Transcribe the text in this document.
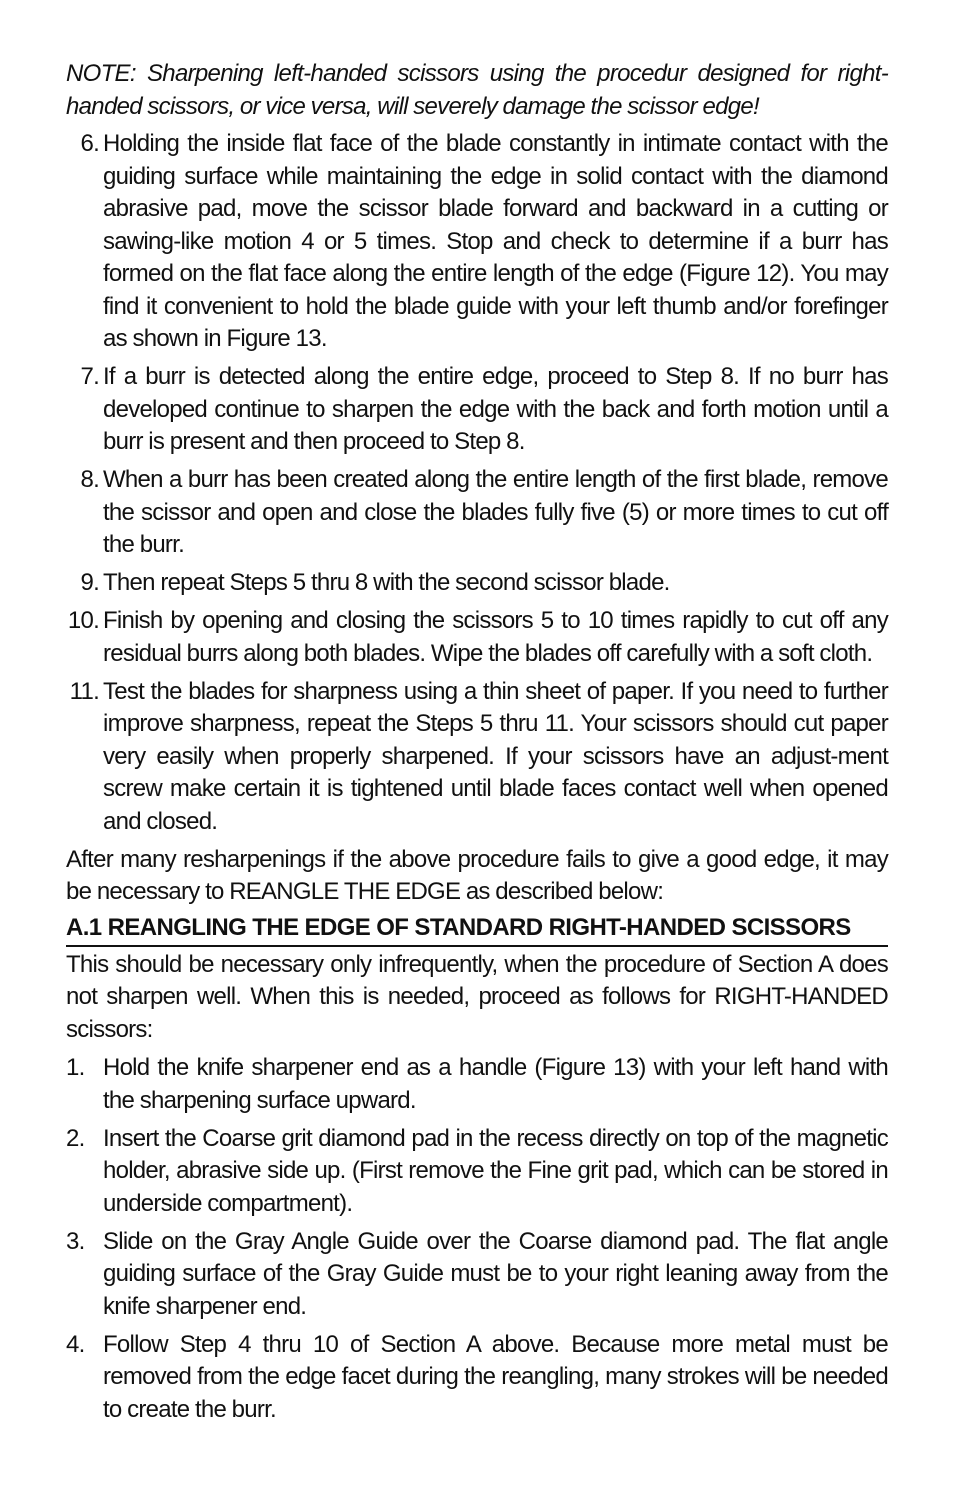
NOTE: Sharpening left-handed scissors using the procedur designed for right-handed scissors, or vice versa, will severely damage the scissor edge!

6. Holding the inside flat face of the blade constantly in intimate contact with the guiding surface while maintaining the edge in solid contact with the diamond abrasive pad, move the scissor blade forward and backward in a cutting or sawing-like motion 4 or 5 times. Stop and check to determine if a burr has formed on the flat face along the entire length of the edge (Figure 12). You may find it convenient to hold the blade guide with your left thumb and/or forefinger as shown in Figure 13.
7. If a burr is detected along the entire edge, proceed to Step 8. If no burr has developed continue to sharpen the edge with the back and forth motion until a burr is present and then proceed to Step 8.
8. When a burr has been created along the entire length of the first blade, remove the scissor and open and close the blades fully five (5) or more times to cut off the burr.
9. Then repeat Steps 5 thru 8 with the second scissor blade.
10. Finish by opening and closing the scissors 5 to 10 times rapidly to cut off any residual burrs along both blades. Wipe the blades off carefully with a soft cloth.
11. Test the blades for sharpness using a thin sheet of paper. If you need to further improve sharpness, repeat the Steps 5 thru 11. Your scissors should cut paper very easily when properly sharpened. If your scissors have an adjust-ment screw make certain it is tightened until blade faces contact well when opened and closed.

After many resharpenings if the above procedure fails to give a good edge, it may be necessary to REANGLE THE EDGE as described below:

A.1 REANGLING THE EDGE OF STANDARD RIGHT-HANDED SCISSORS

This should be necessary only infrequently, when the procedure of Section A does not sharpen well. When this is needed, proceed as follows for RIGHT-HANDED scissors:

1. Hold the knife sharpener end as a handle (Figure 13) with your left hand with the sharpening surface upward.
2. Insert the Coarse grit diamond pad in the recess directly on top of the magnetic holder, abrasive side up. (First remove the Fine grit pad, which can be stored in underside compartment).
3. Slide on the Gray Angle Guide over the Coarse diamond pad. The flat angle guiding surface of the Gray Guide must be to your right leaning away from the knife sharpener end.
4. Follow Step 4 thru 10 of Section A above. Because more metal must be removed from the edge facet during the reangling, many strokes will be needed to create the burr.
